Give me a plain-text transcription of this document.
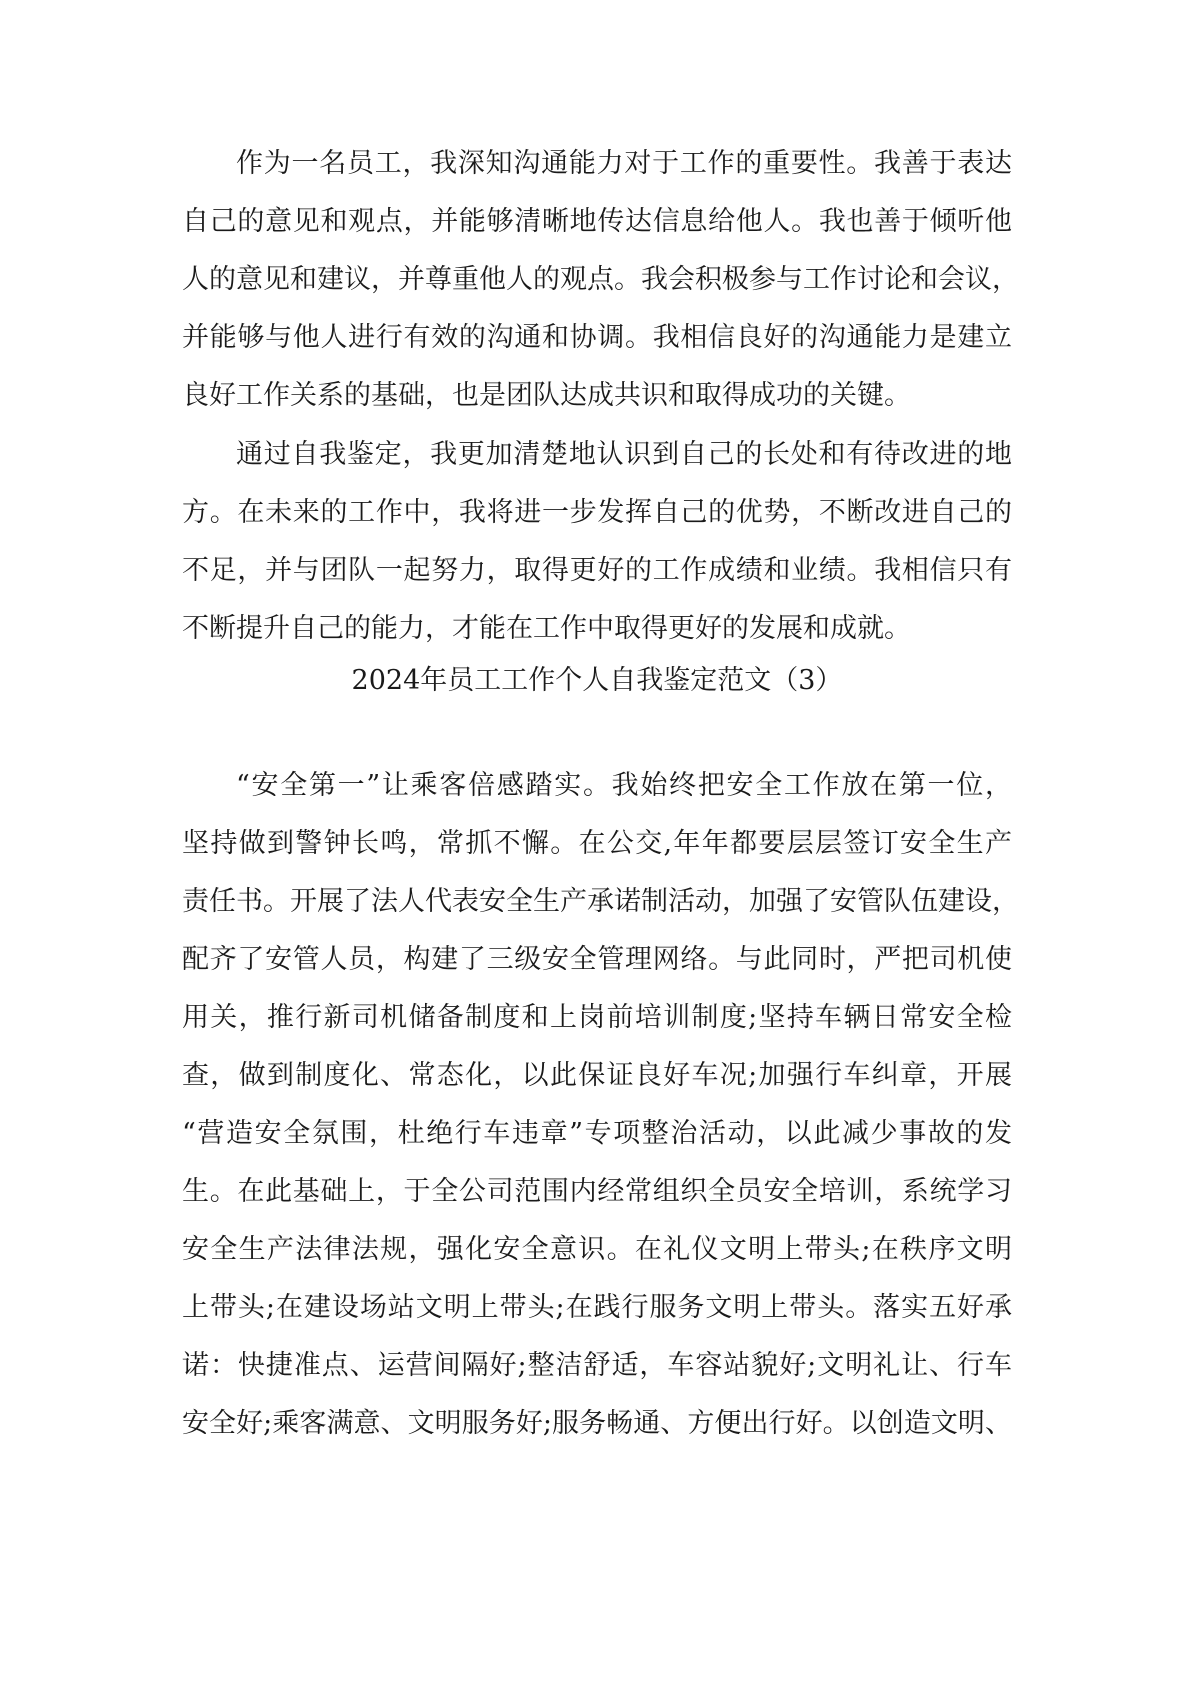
作为一名员工，我深知沟通能力对于工作的重要性。我善于表达
自己的意见和观点，并能够清晰地传达信息给他人。我也善于倾听他
人的意见和建议，并尊重他人的观点。我会积极参与工作讨论和会议，
并能够与他人进行有效的沟通和协调。我相信良好的沟通能力是建立
良好工作关系的基础，也是团队达成共识和取得成功的关键。
通过自我鉴定，我更加清楚地认识到自己的长处和有待改进的地
方。在未来的工作中，我将进一步发挥自己的优势，不断改进自己的
不足，并与团队一起努力，取得更好的工作成绩和业绩。我相信只有
不断提升自己的能力，才能在工作中取得更好的发展和成就。
2024年员工工作个人自我鉴定范文（3）
“安全第一”让乘客倍感踏实。我始终把安全工作放在第一位，
坚持做到警钟长鸣，常抓不懈。在公交,年年都要层层签订安全生产
责任书。开展了法人代表安全生产承诺制活动，加强了安管队伍建设，
配齐了安管人员，构建了三级安全管理网络。与此同时，严把司机使
用关，推行新司机储备制度和上岗前培训制度;坚持车辆日常安全检
查，做到制度化、常态化，以此保证良好车况;加强行车纠章，开展
“营造安全氛围，杜绝行车违章”专项整治活动，以此减少事故的发
生。在此基础上，于全公司范围内经常组织全员安全培训，系统学习
安全生产法律法规，强化安全意识。在礼仪文明上带头;在秩序文明
上带头;在建设场站文明上带头;在践行服务文明上带头。落实五好承
诺：快捷准点、运营间隔好;整洁舒适，车容站貌好;文明礼让、行车
安全好;乘客满意、文明服务好;服务畅通、方便出行好。以创造文明、
